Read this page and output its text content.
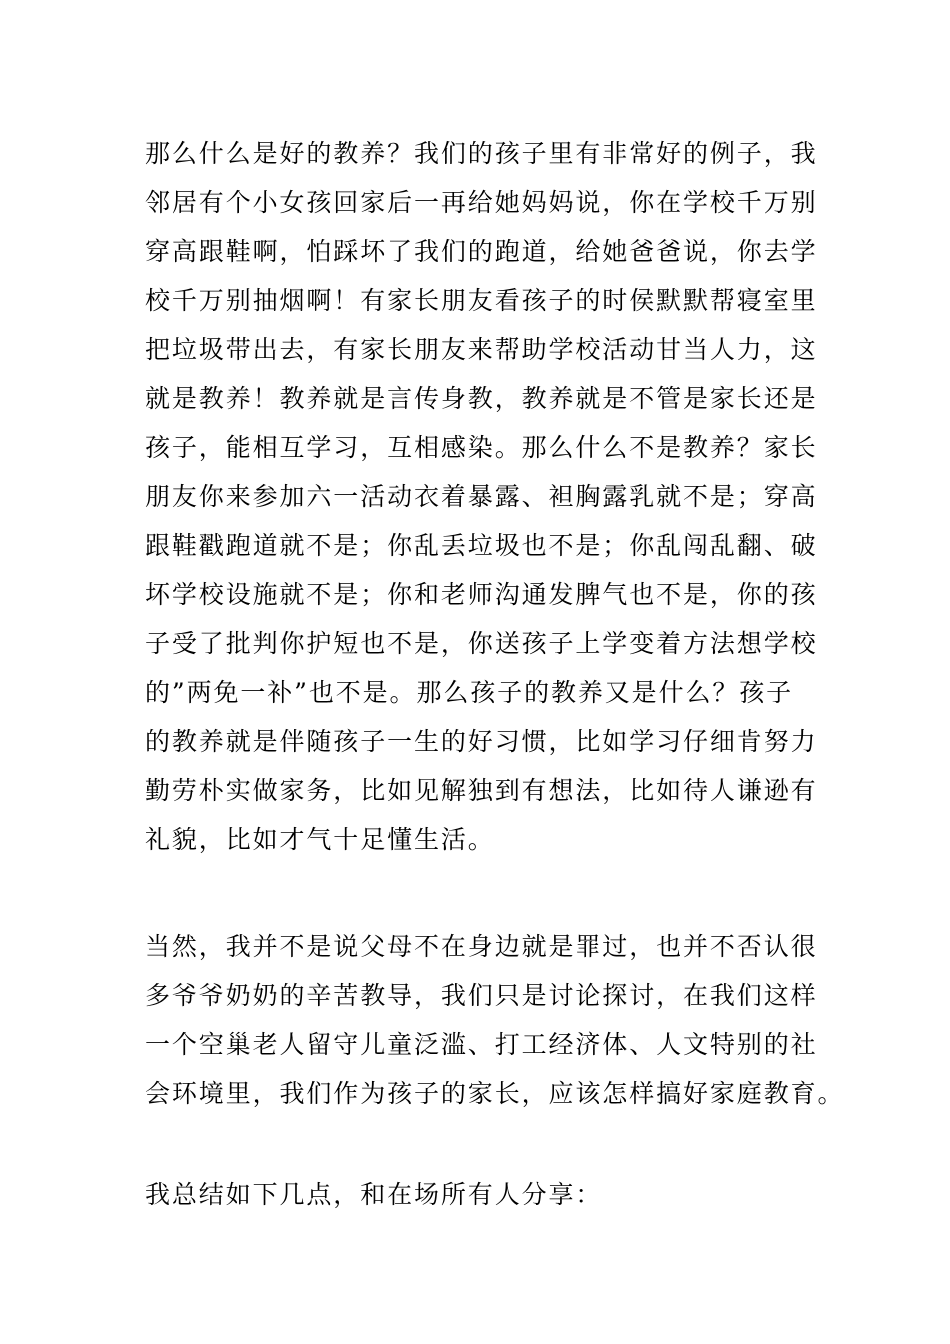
那么什么是好的教养？我们的孩子里有非常好的例子，我
邻居有个小女孩回家后一再给她妈妈说，你在学校千万别
穿高跟鞋啊，怕踩坏了我们的跑道，给她爸爸说，你去学
校千万别抽烟啊！有家长朋友看孩子的时侯默默帮寝室里
把垃圾带出去，有家长朋友来帮助学校活动甘当人力，这
就是教养！教养就是言传身教，教养就是不管是家长还是
孩子，能相互学习，互相感染。那么什么不是教养？家长
朋友你来参加六一活动衣着暴露、袒胸露乳就不是；穿高
跟鞋戳跑道就不是；你乱丢垃圾也不是；你乱闯乱翻、破
坏学校设施就不是；你和老师沟通发脾气也不是，你的孩
子受了批判你护短也不是，你送孩子上学变着方法想学校
的”两免一补”也不是。那么孩子的教养又是什么？孩子
的教养就是伴随孩子一生的好习惯，比如学习仔细肯努力
勤劳朴实做家务，比如见解独到有想法，比如待人谦逊有
礼貌，比如才气十足懂生活。
当然，我并不是说父母不在身边就是罪过，也并不否认很
多爷爷奶奶的辛苦教导，我们只是讨论探讨，在我们这样
一个空巢老人留守儿童泛滥、打工经济体、人文特别的社
会环境里，我们作为孩子的家长，应该怎样搞好家庭教育。
我总结如下几点，和在场所有人分享：
